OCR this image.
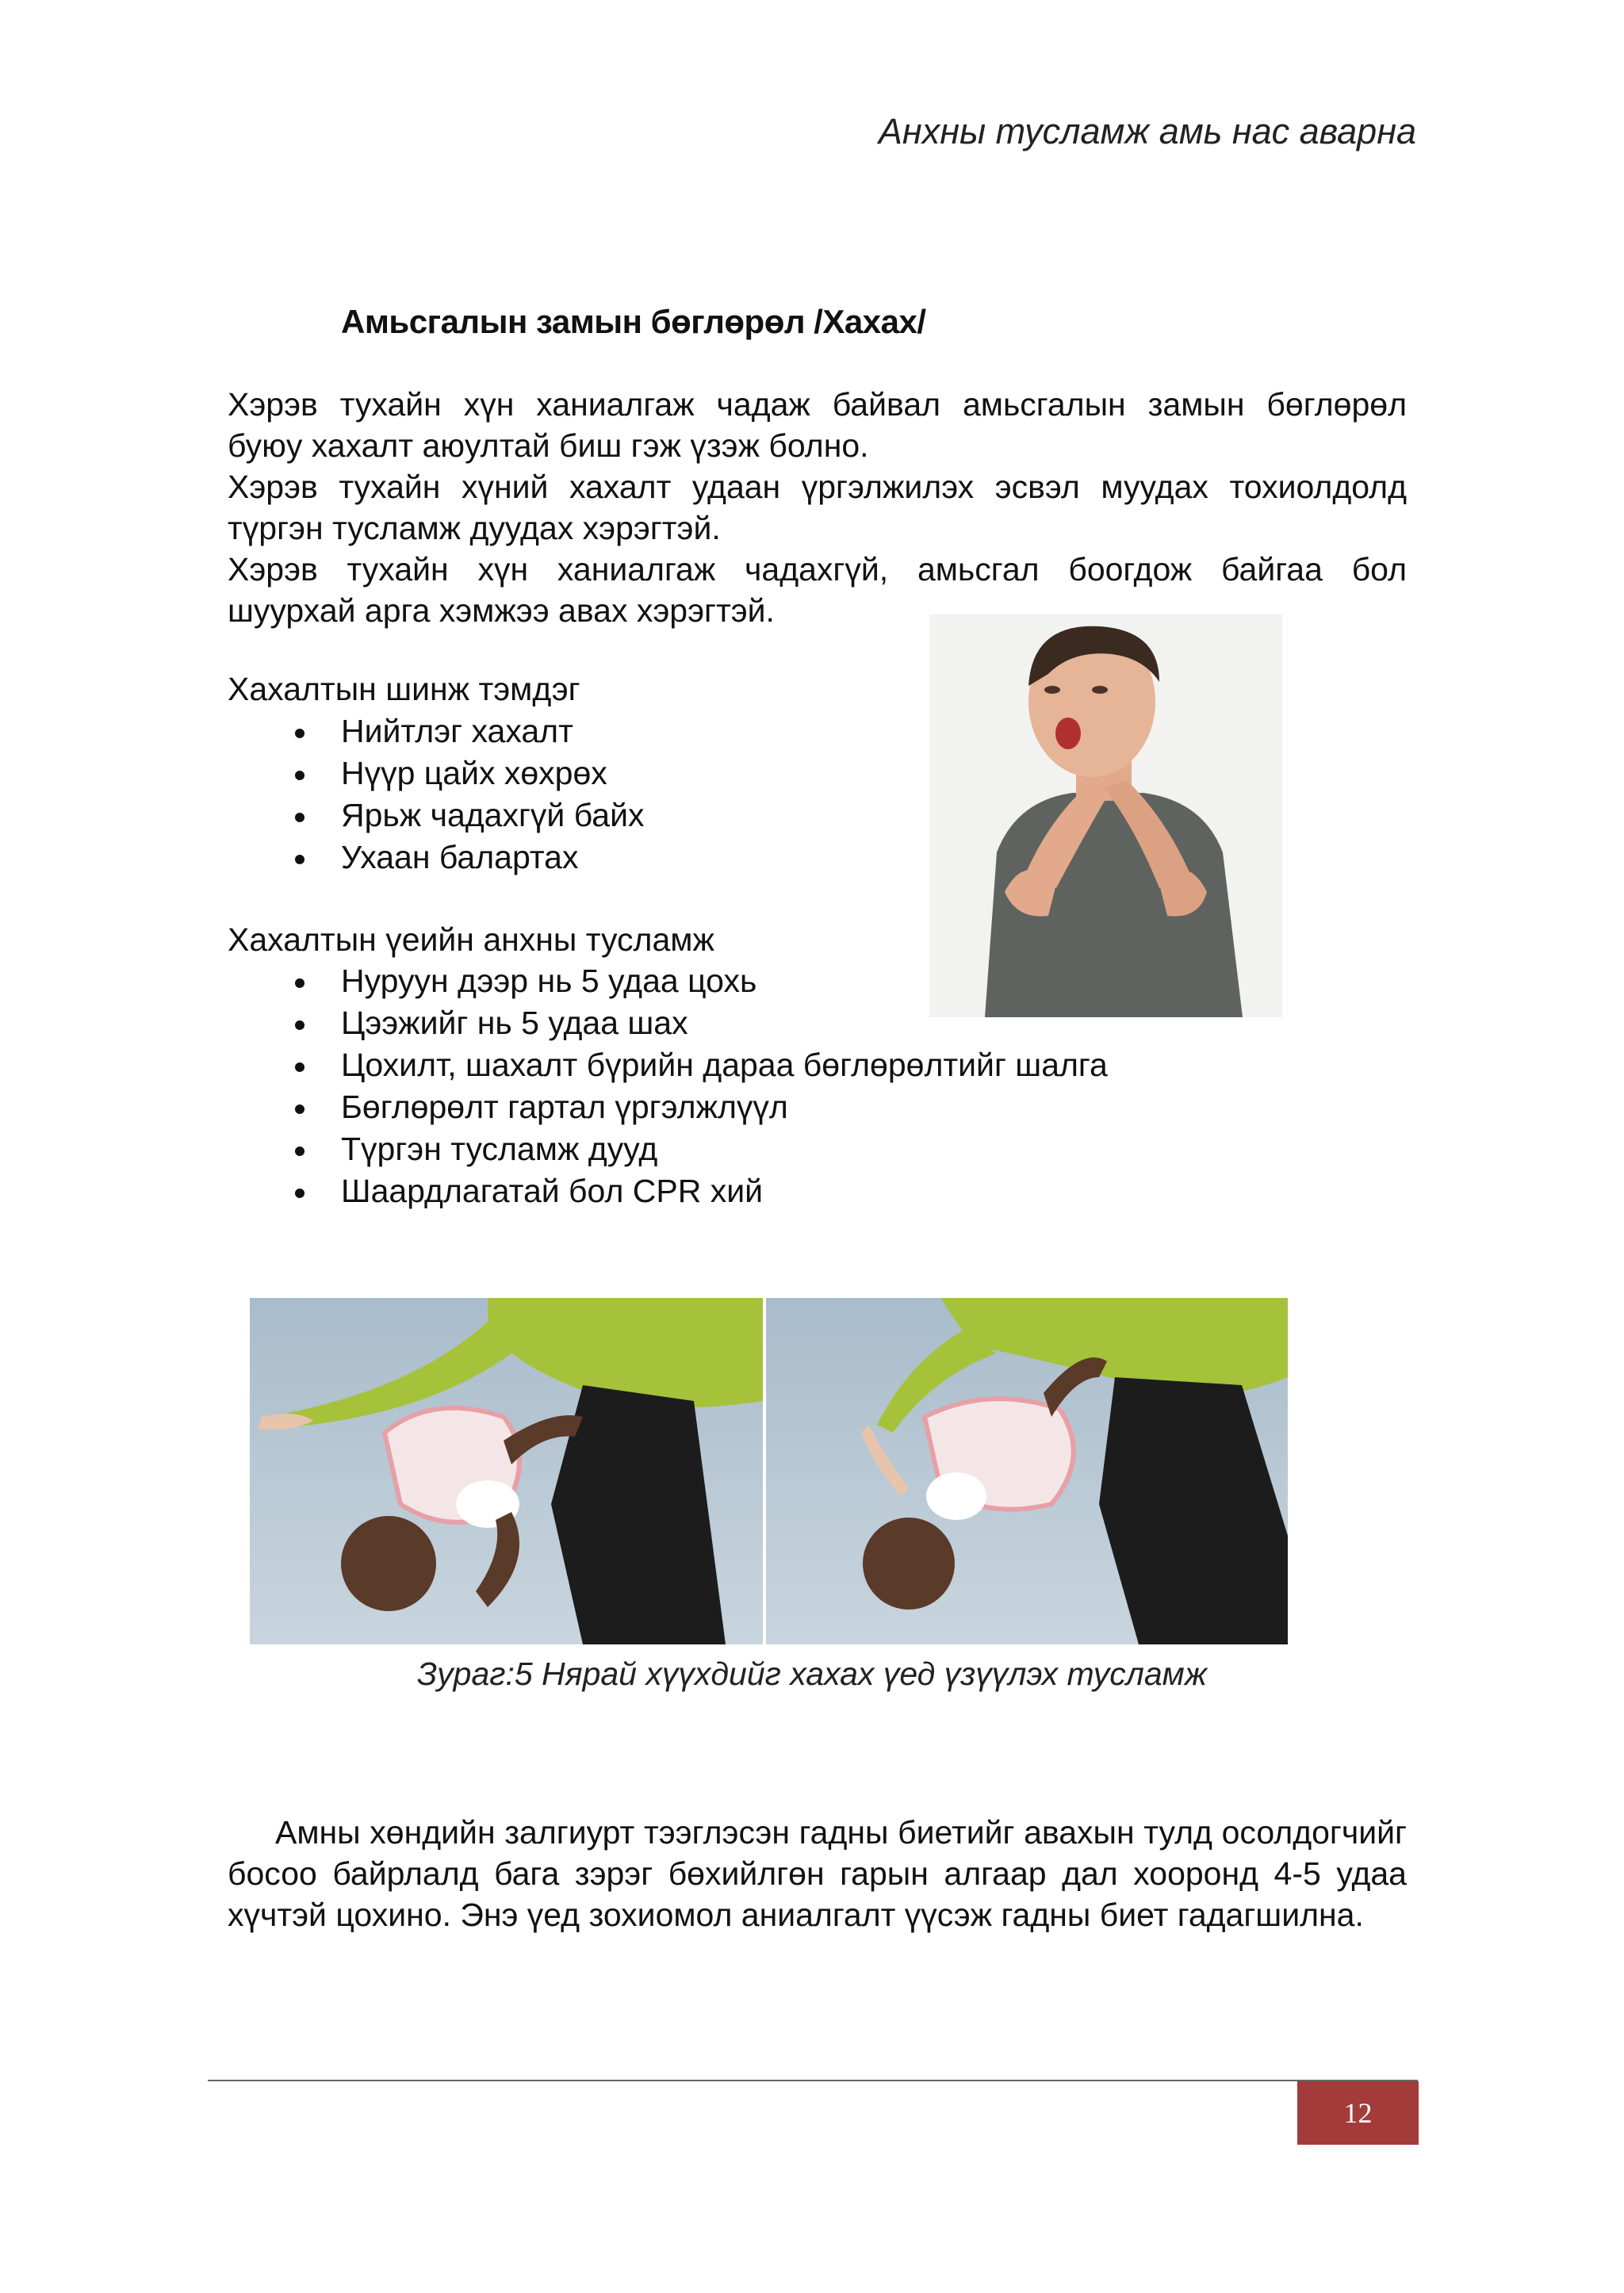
Анхны тусламж амь нас аварна
Амьсгалын замын бөглөрөл /Хахах/

Хэрэв тухайн хүн ханиалгаж чадаж байвал амьсгалын замын бөглөрөл

буюу хахалт аюултай биш гэж үзэж болно.

Хэрэв тухайн хүний хахалт удаан үргэлжилэх эсвэл муудах тохиолдолд

түргэн тусламж дуудах хэрэгтэй.

Хэрэв тухайн хүн ханиалгаж чадахгүй, амьсгал боогдож байгаа бол

шуурхай арга хэмжээ авах хэрэгтэй.

Хахалтын шинж тэмдэг
Нийтлэг хахалт
Нүүр цайх хөхрөх
Ярьж чадахгүй байх
Ухаан балартах
Хахалтын үеийн анхны тусламж
Нуруун дээр нь 5 удаа цохь
Цээжийг нь 5 удаа шах
Цохилт, шахалт бүрийн дараа бөглөрөлтийг шалга
Бөглөрөлт гартал үргэлжлүүл
Түргэн тусламж дууд
Шаардлагатай бол CPR хий
Зураг:5 Нярай хүүхдийг хахах үед үзүүлэх тусламж

Амны хөндийн залгиурт тээглэсэн гадны биетийг авахын тулд осолдогчийг босоо байрлалд бага зэрэг бөхийлгөн гарын алгаар дал хооронд 4-5 удаа хүчтэй цохино. Энэ үед зохиомол аниалгалт үүсэж гадны биет гадагшилна.

12
